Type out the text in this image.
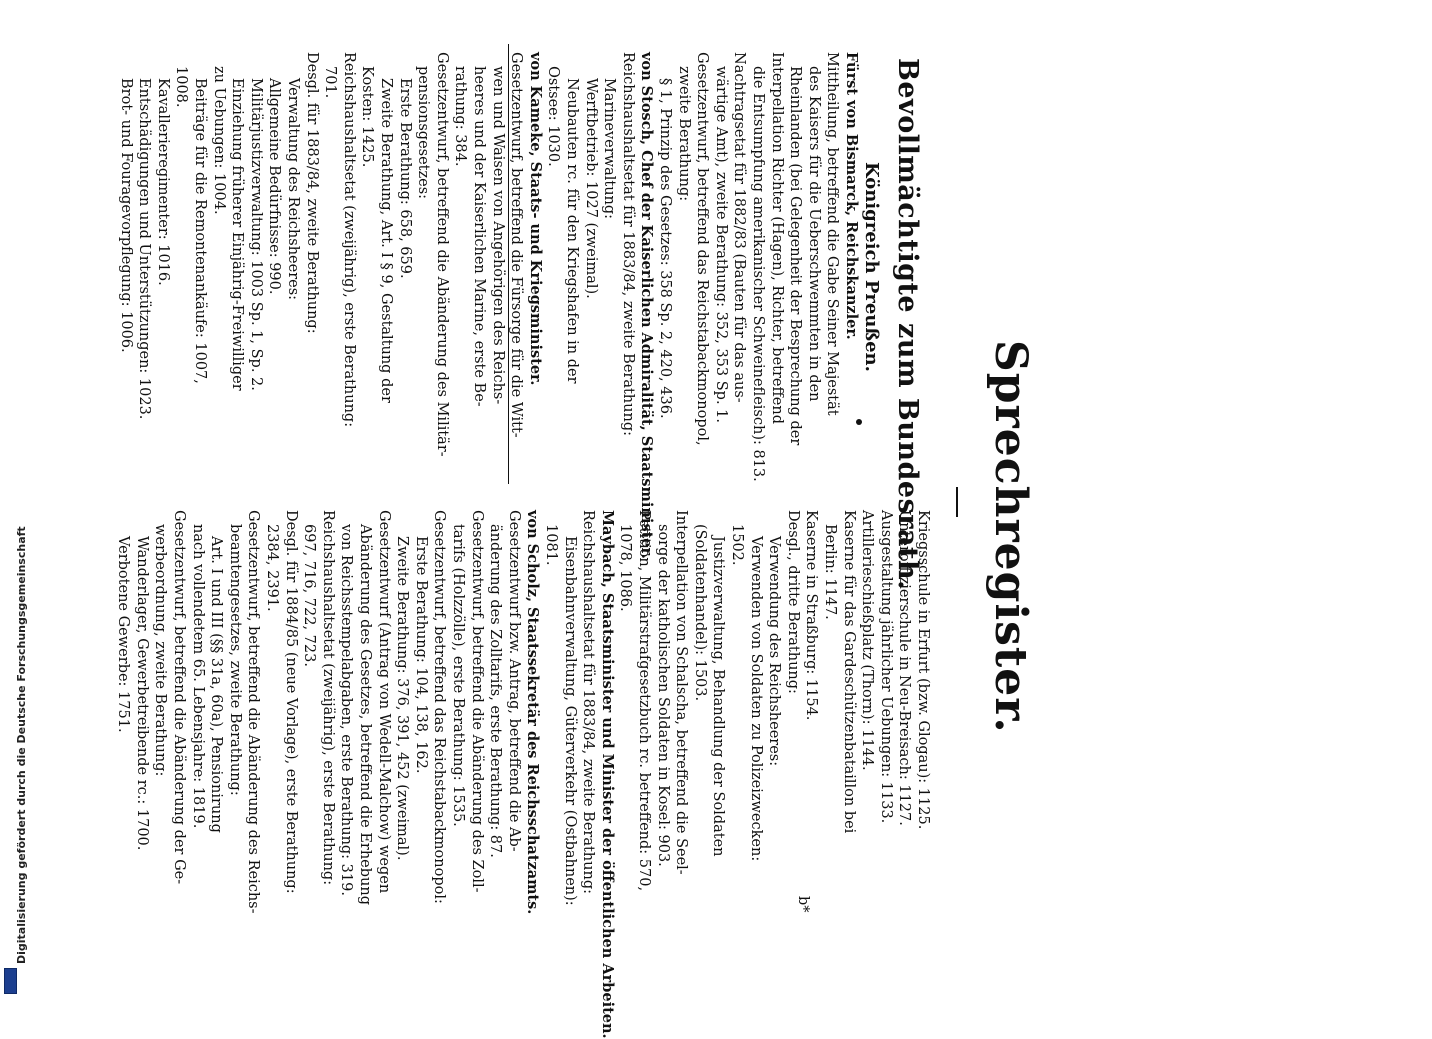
Sprechregister.
Bevollmächtigte zum Bundesrath.
Königreich Preußen.
Fürst von Bismarck, Reichskanzler.
Mittheilung, betreffend die Gabe Seiner Majestät
des Kaisers für die Ueberschwemmten in den
Rheinlanden (bei Gelegenheit der Besprechung der
Interpellation Richter (Hagen), Richter, betreffend
die Entsumpfung amerikanischer Schweinefleisch): 813.
Nachtragsetat für 1882/83 (Bauten für das aus-
wärtige Amt), zweite Berathung: 352, 353 Sp. 1.
Gesetzentwurf, betreffend das Reichstabackmonopol,
zweite Berathung:
§ 1, Prinzip des Gesetzes: 358 Sp. 2, 420, 436.
von Stosch, Chef der Kaiserlichen Admiralität, Staatsminister.
Reichshaushaltsetat für 1883/84, zweite Berathung:
Marineverwaltung:
Werftbetrieb: 1027 (zweimal).
Neubauten rc. für den Kriegshafen in der
Ostsee: 1030.
von Kameke, Staats- und Kriegsminister.
Gesetzentwurf, betreffend die Fürsorge für die Witt-
wen und Waisen von Angehörigen des Reichs-
heeres und der Kaiserlichen Marine, erste Be-
rathung: 384.
Gesetzentwurf, betreffend die Abänderung des Militär-
pensionsgesetzes:
Erste Berathung: 658, 659.
Zweite Berathung, Art. I § 9, Gestaltung der
Kosten: 1425.
Reichshaushaltsetat (zweijährig), erste Berathung:
701.
Desgl. für 1883/84, zweite Berathung:
Verwaltung des Reichsheeres:
Allgemeine Bedürfnisse: 990.
Militärjustizverwaltung: 1003 Sp. 1, Sp. 2.
Einziehung früherer Einjährig-Freiwilliger
zu Uebungen: 1004.
Beiträge für die Remontenankäufe: 1007,
1008.
Kavallerieregimenter: 1016.
Entschädigungen und Unterstützungen: 1023.
Brot- und Fouragevorpflegung: 1006.
Kriegsschule in Erfurt (bzw. Glogau): 1125.
Unteroffizierschule in Neu-Breisach: 1127.
Ausgestaltung jährlicher Uebungen: 1133.
Artillerieschießplatz (Thorn): 1144.
Kaserne für das Gardeschützenbataillon bei
Berlin: 1147.
Kaserne in Straßburg: 1154.
Desgl., dritte Berathung:
Verwendung des Reichsheeres:
Verwenden von Soldaten zu Polizeizwecken:
1502.
Justizverwaltung, Behandlung der Soldaten
(Soldatenhandel): 1503.
Interpellation von Schalscha, betreffend die Seel-
sorge der katholischen Soldaten in Kosel: 903.
Petition, Militärstrafgesetzbuch rc. betreffend: 570,
1078, 1086.
Maybach, Staatsminister und Minister der öffentlichen Arbeiten.
Reichshaushaltsetat für 1883/84, zweite Berathung:
Eisenbahnverwaltung, Güterverkehr (Ostbahnen):
1081.
von Scholz, Staatssekretär des Reichsschatzamts.
Gesetzentwurf bzw. Antrag, betreffend die Ab-
änderung des Zolltarifs, erste Berathung: 87.
Gesetzentwurf, betreffend die Abänderung des Zoll-
tarifs (Holzzölle), erste Berathung: 1535.
Gesetzentwurf, betreffend das Reichstabackmonopol:
Erste Berathung: 104, 138, 162.
Zweite Berathung: 376, 391, 452 (zweimal).
Gesetzentwurf (Antrag von Wedell-Malchow) wegen
Abänderung des Gesetzes, betreffend die Erhebung
von Reichsstempelabgaben, erste Berathung: 319.
Reichshaushaltsetat (zweijährig), erste Berathung:
697, 716, 722, 723.
Desgl. für 1884/85 (neue Vorlage), erste Berathung:
2384, 2391.
Gesetzentwurf, betreffend die Abänderung des Reichs-
beamtengesetzes, zweite Berathung:
Art. I und III (§§ 31a, 60a), Pensionirung
nach vollendetem 65. Lebensjahre: 1819.
Gesetzentwurf, betreffend die Abänderung der Ge-
werbeordnung, zweite Berathung:
Wanderlager, Gewerbetreibende rc.: 1700.
Verbotene Gewerbe: 1751.
b*
Digitalisierung gefördert durch die Deutsche Forschungsgemeinschaft
